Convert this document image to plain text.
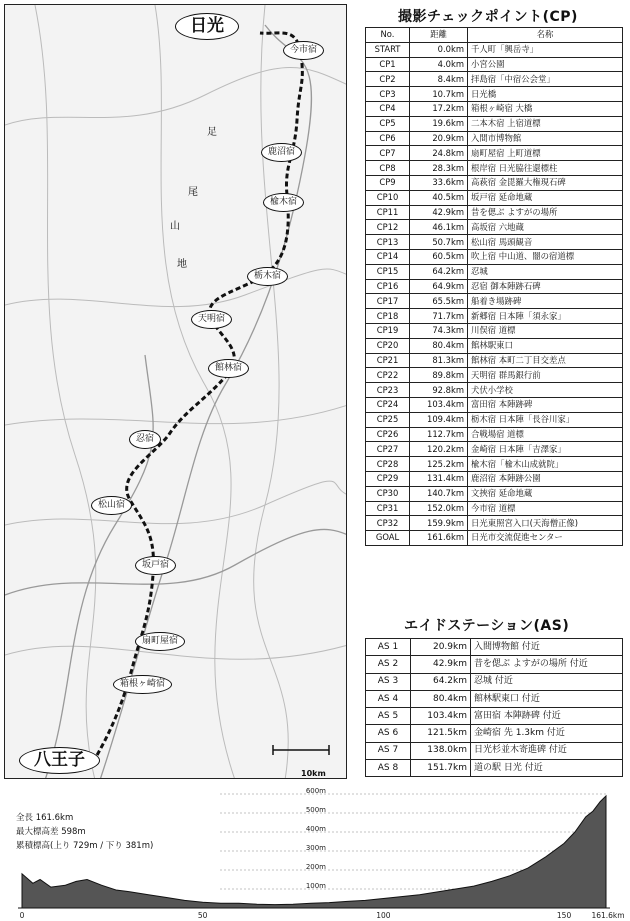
足
尾
山
地
日光
今市宿
鹿沼宿
楡木宿
栃木宿
天明宿
館林宿
忍宿
松山宿
坂戸宿
扇町屋宿
箱根ヶ崎宿
八王子
10km
撮影チェックポイント(CP)
No.	距離	名称
START	0.0km	千人町「興岳寺」
CP1	4.0km	小宮公園
CP2	8.4km	拝島宿「中宿公会堂」
CP3	10.7km	日光橋
CP4	17.2km	箱根ヶ崎宿 大橋
CP5	19.6km	二本木宿 上宿道標
CP6	20.9km	入間市博物館
CP7	24.8km	扇町屋宿 上町道標
CP8	28.3km	根岸宿 日光脇往還標柱
CP9	33.6km	高萩宿 金毘羅大権現石碑
CP10	40.5km	坂戸宿 延命地蔵
CP11	42.9km	昔を偲ぶ よすがの場所
CP12	46.1km	高坂宿 六地蔵
CP13	50.7km	松山宿 馬頭観音
CP14	60.5km	吹上宿 中山道、闇の宿道標
CP15	64.2km	忍城
CP16	64.9km	忍宿 御本陣跡石碑
CP17	65.5km	船着き場跡碑
CP18	71.7km	新郷宿 日本陣「須永家」
CP19	74.3km	川俣宿 道標
CP20	80.4km	館林駅東口
CP21	81.3km	館林宿 本町二丁目交差点
CP22	89.8km	天明宿 群馬銀行前
CP23	92.8km	犬伏小学校
CP24	103.4km	富田宿 本陣跡碑
CP25	109.4km	栃木宿 日本陣「長谷川家」
CP26	112.7km	合戦場宿 道標
CP27	120.2km	金崎宿 日本陣「吉澤家」
CP28	125.2km	楡木宿「楡木山成就院」
CP29	131.4km	鹿沼宿 本陣跡公園
CP30	140.7km	文挾宿 延命地蔵
CP31	152.0km	今市宿 道標
CP32	159.9km	日光東照宮入口(天海僧正像)
GOAL	161.6km	日光市交流促進センター
エイドステーション(AS)
AS 1	20.9km	入間博物館 付近
AS 2	42.9km	昔を偲ぶ よすがの場所 付近
AS 3	64.2km	忍城 付近
AS 4	80.4km	館林駅東口 付近
AS 5	103.4km	富田宿 本陣跡碑 付近
AS 6	121.5km	金崎宿 先 1.3km 付近
AS 7	138.0km	日光杉並木寄進碑 付近
AS 8	151.7km	道の駅 日光 付近
全長 161.6km
最大標高差 598m
累積標高(上り 729m / 下り 381m)
100m
200m
300m
400m
500m
600m
0	50	100	150	161.6km
